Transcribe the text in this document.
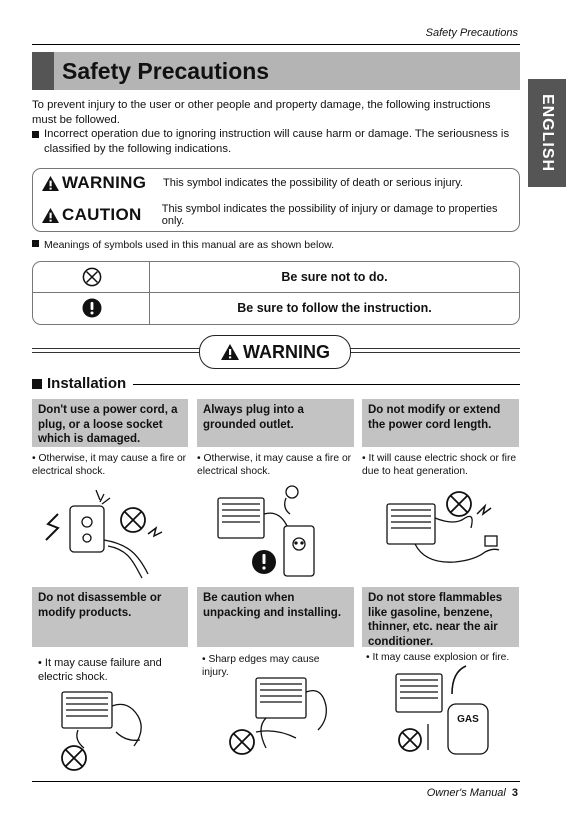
Safety Precautions
Safety Precautions
ENGLISH
To prevent injury to the user or other people and property damage, the following instructions must be followed.
Incorrect operation due to ignoring instruction will cause harm or damage. The seriousness is classified by the following indications.
WARNING This symbol indicates the possibility of death or serious injury.
CAUTION This symbol indicates the possibility of injury or damage to properties only.
Meanings of symbols used in this manual are as shown below.
Be sure not to do.
Be sure to follow the instruction.
WARNING
Installation
Don't use a power cord, a plug, or a loose socket which is damaged.
Always plug into a grounded outlet.
Do not modify or extend the power cord length.
• Otherwise, it may cause a fire or electrical shock.
• Otherwise, it may cause a fire or electrical shock.
• It will cause electric shock or fire due to heat generation.
Do not disassemble or modify products.
Be caution when unpacking and installing.
Do not store flammables like gasoline, benzene, thinner, etc. near the air conditioner.
• It may cause failure and electric shock.
• Sharp edges may cause injury.
• It may cause explosion or fire.
GAS
Owner's Manual 3
